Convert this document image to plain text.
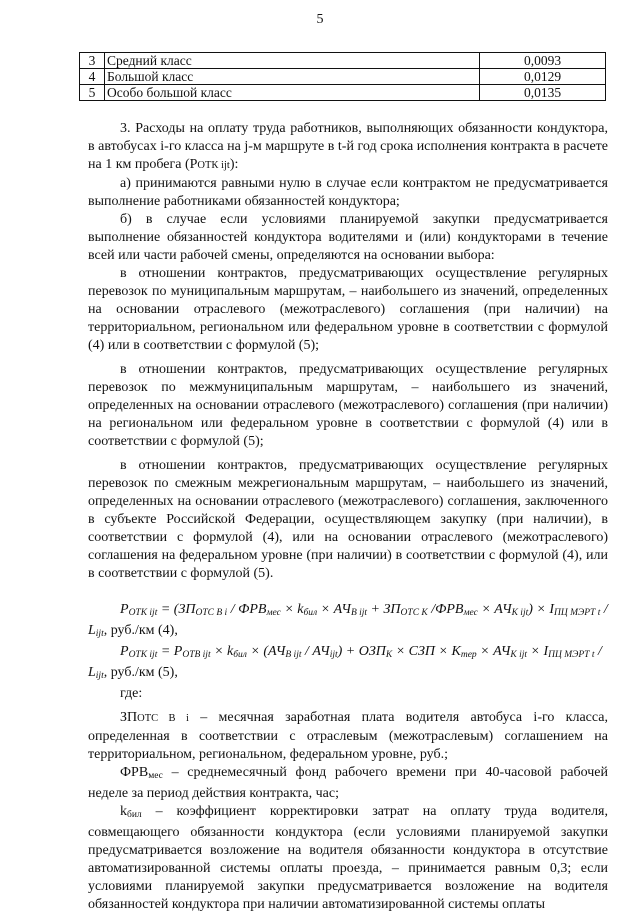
5
3	Средний класс	0,0093
4	Большой класс	0,0129
5	Особо большой класс	0,0135

3. Расходы на оплату труда работников, выполняющих обязанности кондуктора, в автобусах i-го класса на j-м маршруте в t-й год срока исполнения контракта в расчете на 1 км пробега (РОТК ijt):

а) принимаются равными нулю в случае если контрактом не предусматривается выполнение работниками обязанностей кондуктора;

б) в случае если условиями планируемой закупки предусматривается выполнение обязанностей кондуктора водителями и (или) кондукторами в течение всей или части рабочей смены, определяются на основании выбора:

в отношении контрактов, предусматривающих осуществление регулярных перевозок по муниципальным маршрутам, – наибольшего из значений, определенных на основании отраслевого (межотраслевого) соглашения (при наличии) на территориальном, региональном или федеральном уровне в соответствии с формулой (4) или в соответствии с формулой (5);

в отношении контрактов, предусматривающих осуществление регулярных перевозок по межмуниципальным маршрутам, – наибольшего из значений, определенных на основании отраслевого (межотраслевого) соглашения (при наличии) на региональном или федеральном уровне в соответствии с формулой (4) или в соответствии с формулой (5);

в отношении контрактов, предусматривающих осуществление регулярных перевозок по смежным межрегиональным маршрутам, – наибольшего из значений, определенных на основании отраслевого (межотраслевого) соглашения, заключенного в субъекте Российской Федерации, осуществляющем закупку (при наличии), в соответствии с формулой (4), или на основании отраслевого (межотраслевого) соглашения на федеральном уровне (при наличии) в соответствии с формулой (4), или в соответствии с формулой (5).

$P_{OTK ijt} = (ЗП_{ОТС В i} / ФРВ_{мес} \times k_{бил} \times АЧ_{В ijt} + ЗП_{ОТС К}$ $/ФРВ_{мес} \times АЧ_{К ijt}) \times I_{ПЦ МЭРТ t}$ /

$L_{ijt}$, руб./км (4),

$P_{OTK ijt} = P_{OTB ijt} \times k_{бил} \times (АЧ_{В ijt} / АЧ_{ijt}) + ОЗП_К$ × СЗП × $K_{тер} \times АЧ_{К ijt} \times I_{ПЦ МЭРТ t}$ /

$L_{ijt}$, руб./км (5),

где:

ЗПОТС В i – месячная заработная плата водителя автобуса i-го класса, определенная в соответствии с отраслевым (межотраслевым) соглашением на территориальном, региональном, федеральном уровне, руб.;

$ФРВ_{мес}$ – среднемесячный фонд рабочего времени при 40-часовой рабочей неделе за период действия контракта, час;

$k_{бил}$ – коэффициент корректировки затрат на оплату труда водителя, совмещающего обязанности кондуктора (если условиями планируемой закупки предусматривается возложение на водителя обязанности кондуктора в отсутствие автоматизированной системы оплаты проезда, – принимается равным 0,3; если условиями планируемой закупки предусматривается возложение на водителя обязанностей кондуктора при наличии автоматизированной системы оплаты
